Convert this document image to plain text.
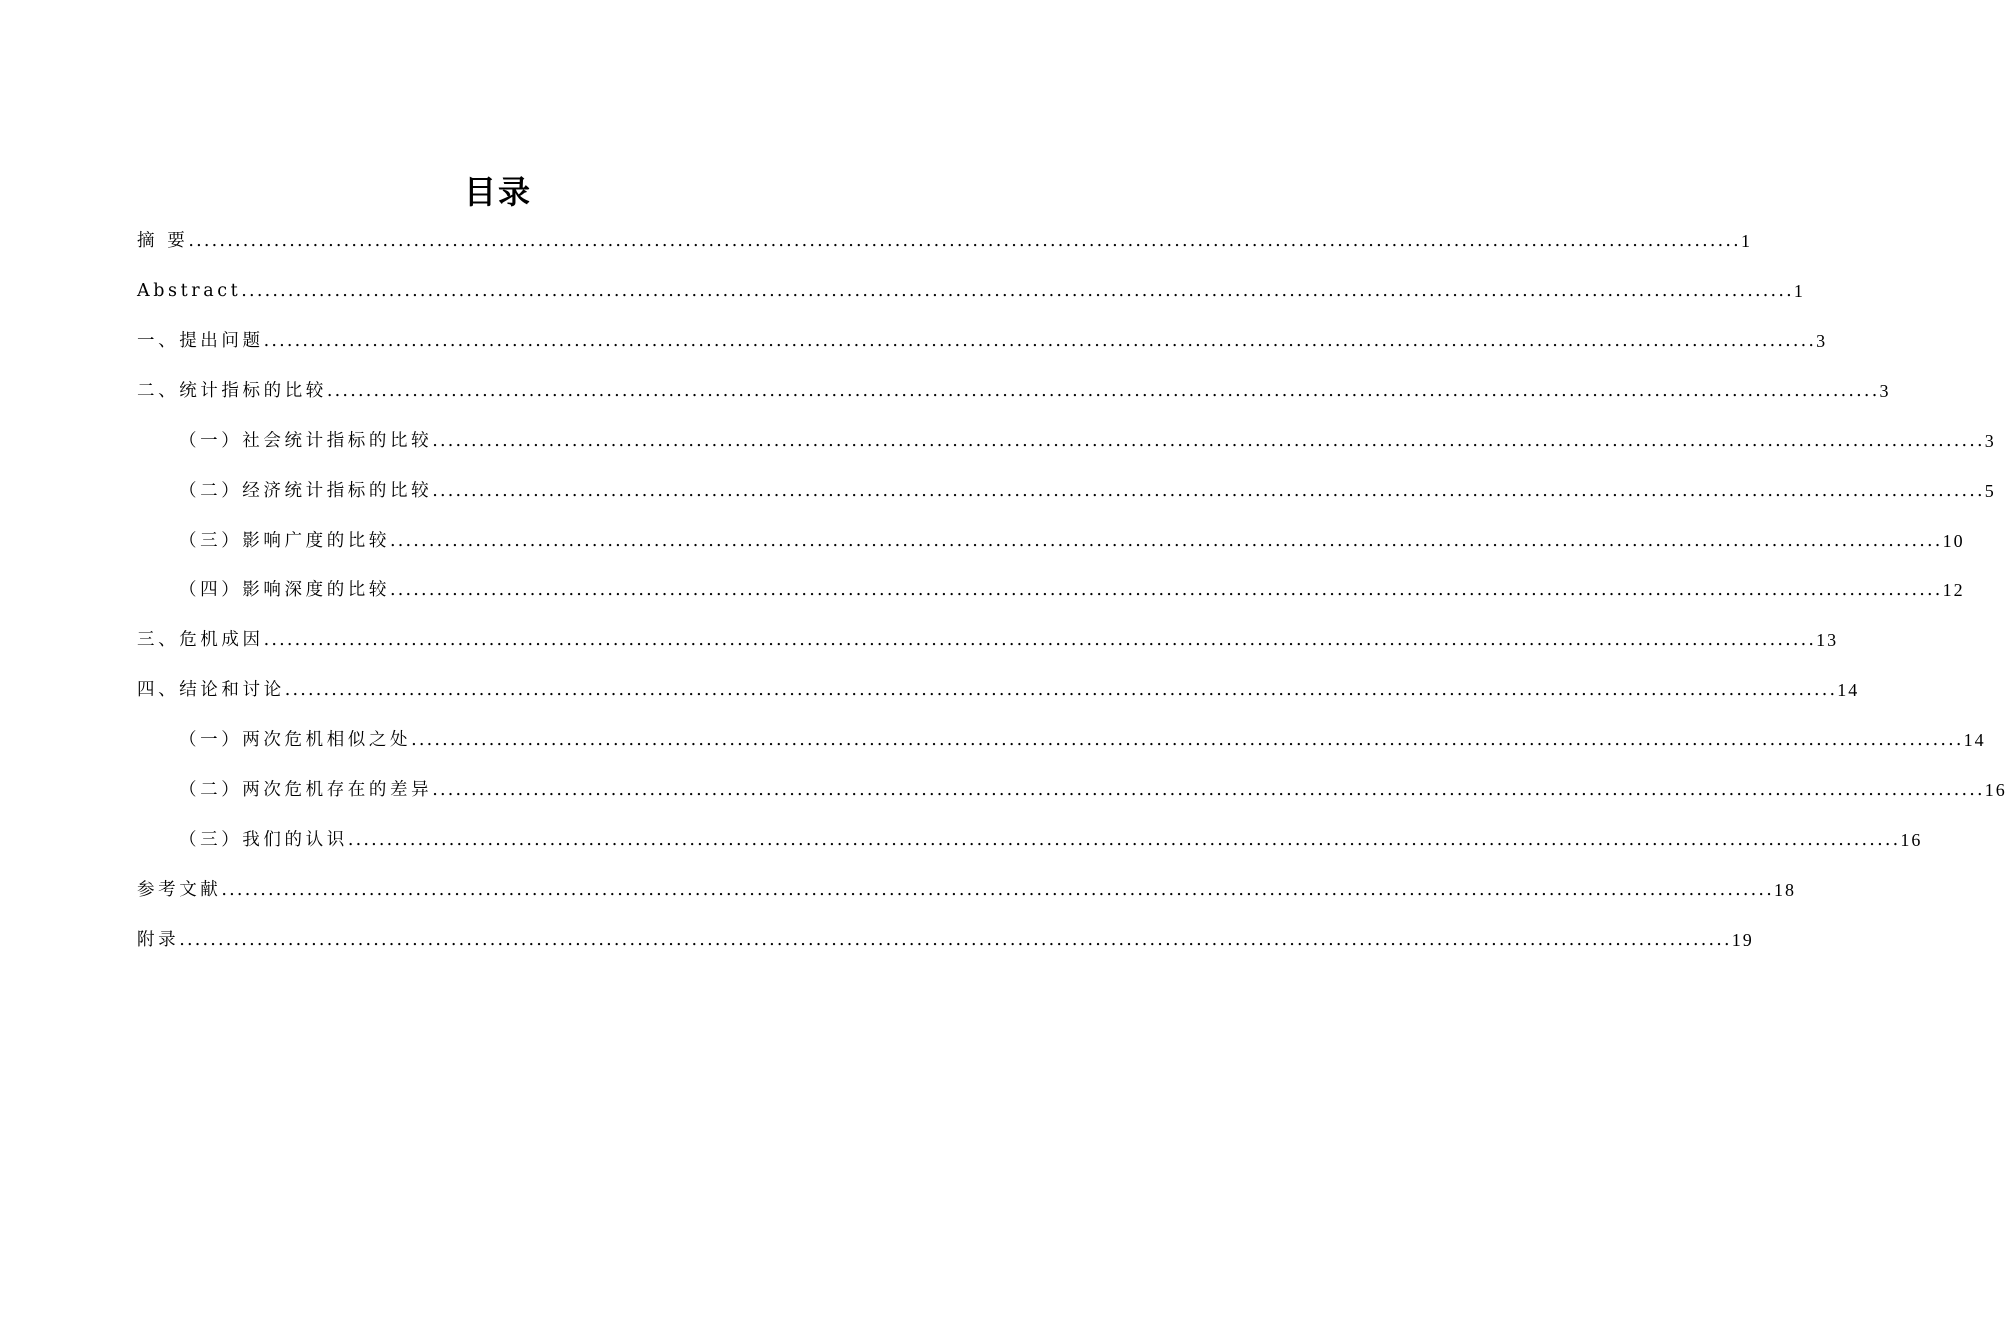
目录
摘 要 ........................................................................................................................................................................................................ 1
Abstract ........................................................................................................................................................................................................ 1
一、提出问题 ........................................................................................................................................................................................................ 3
二、统计指标的比较 ........................................................................................................................................................................................................ 3
（一）社会统计指标的比较 ........................................................................................................................................................................................................ 3
（二）经济统计指标的比较 ........................................................................................................................................................................................................ 5
（三）影响广度的比较 ........................................................................................................................................................................................................ 10
（四）影响深度的比较 ........................................................................................................................................................................................................ 12
三、危机成因 ........................................................................................................................................................................................................ 13
四、结论和讨论 ........................................................................................................................................................................................................ 14
（一）两次危机相似之处 ........................................................................................................................................................................................................ 14
（二）两次危机存在的差异 ........................................................................................................................................................................................................ 16
（三）我们的认识 ........................................................................................................................................................................................................ 16
参考文献 ........................................................................................................................................................................................................ 18
附录 ........................................................................................................................................................................................................ 19
